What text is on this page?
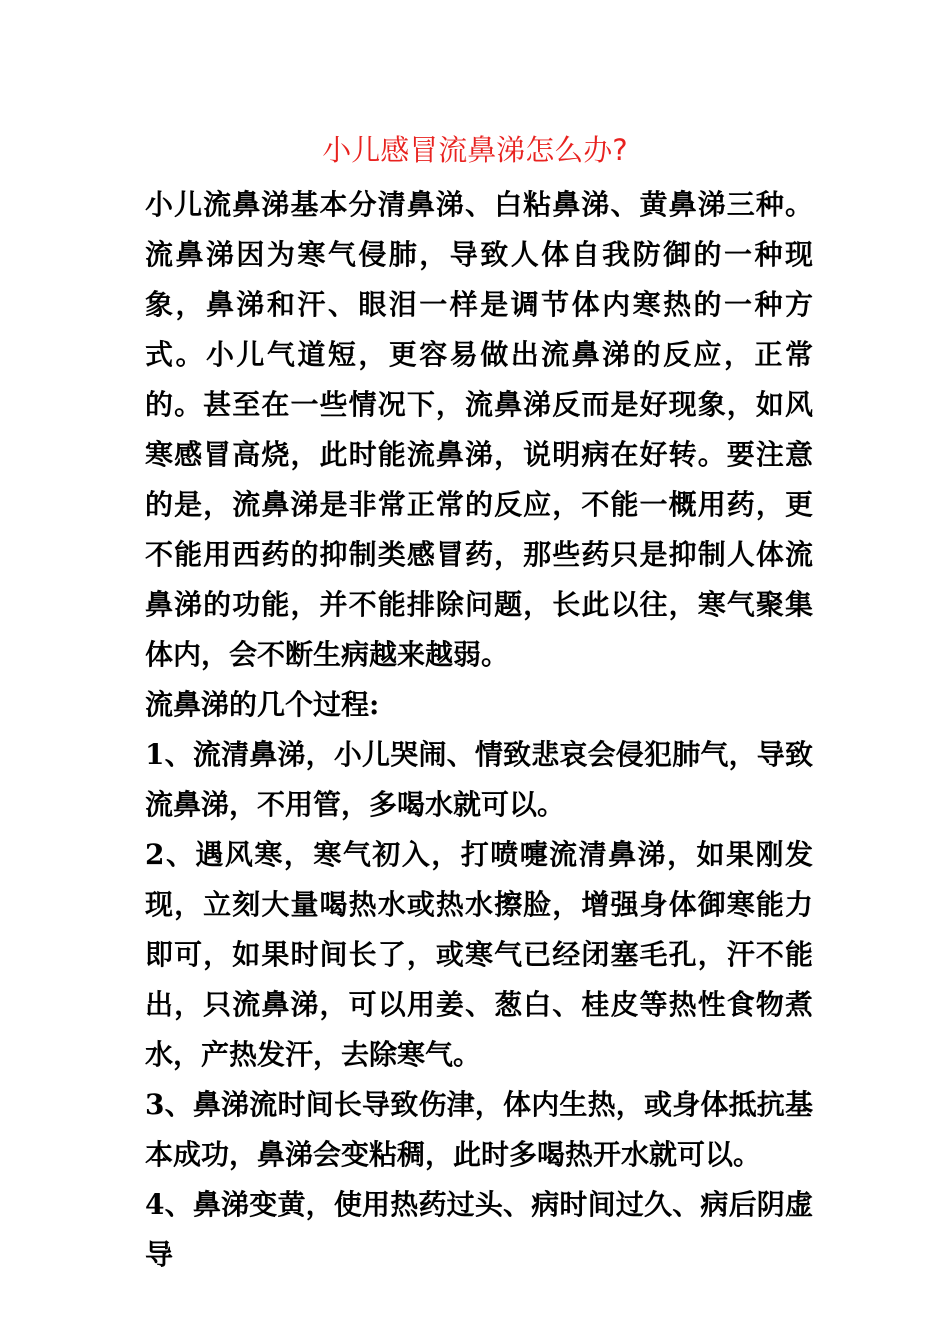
小儿感冒流鼻涕怎么办?

小儿流鼻涕基本分清鼻涕、白粘鼻涕、黄鼻涕三种。流鼻涕因为寒气侵肺，导致人体自我防御的一种现象，鼻涕和汗、眼泪一样是调节体内寒热的一种方式。小儿气道短，更容易做出流鼻涕的反应，正常的。甚至在一些情况下，流鼻涕反而是好现象，如风寒感冒高烧，此时能流鼻涕，说明病在好转。要注意的是，流鼻涕是非常正常的反应，不能一概用药，更不能用西药的抑制类感冒药，那些药只是抑制人体流鼻涕的功能，并不能排除问题，长此以往，寒气聚集体内，会不断生病越来越弱。

流鼻涕的几个过程:

1、流清鼻涕，小儿哭闹、情致悲哀会侵犯肺气，导致流鼻涕，不用管，多喝水就可以。

2、遇风寒，寒气初入，打喷嚏流清鼻涕，如果刚发现，立刻大量喝热水或热水擦脸，增强身体御寒能力即可，如果时间长了，或寒气已经闭塞毛孔，汗不能出，只流鼻涕，可以用姜、葱白、桂皮等热性食物煮水，产热发汗，去除寒气。

3、鼻涕流时间长导致伤津，体内生热，或身体抵抗基本成功，鼻涕会变粘稠，此时多喝热开水就可以。

4、鼻涕变黄，使用热药过头、病时间过久、病后阴虚导
